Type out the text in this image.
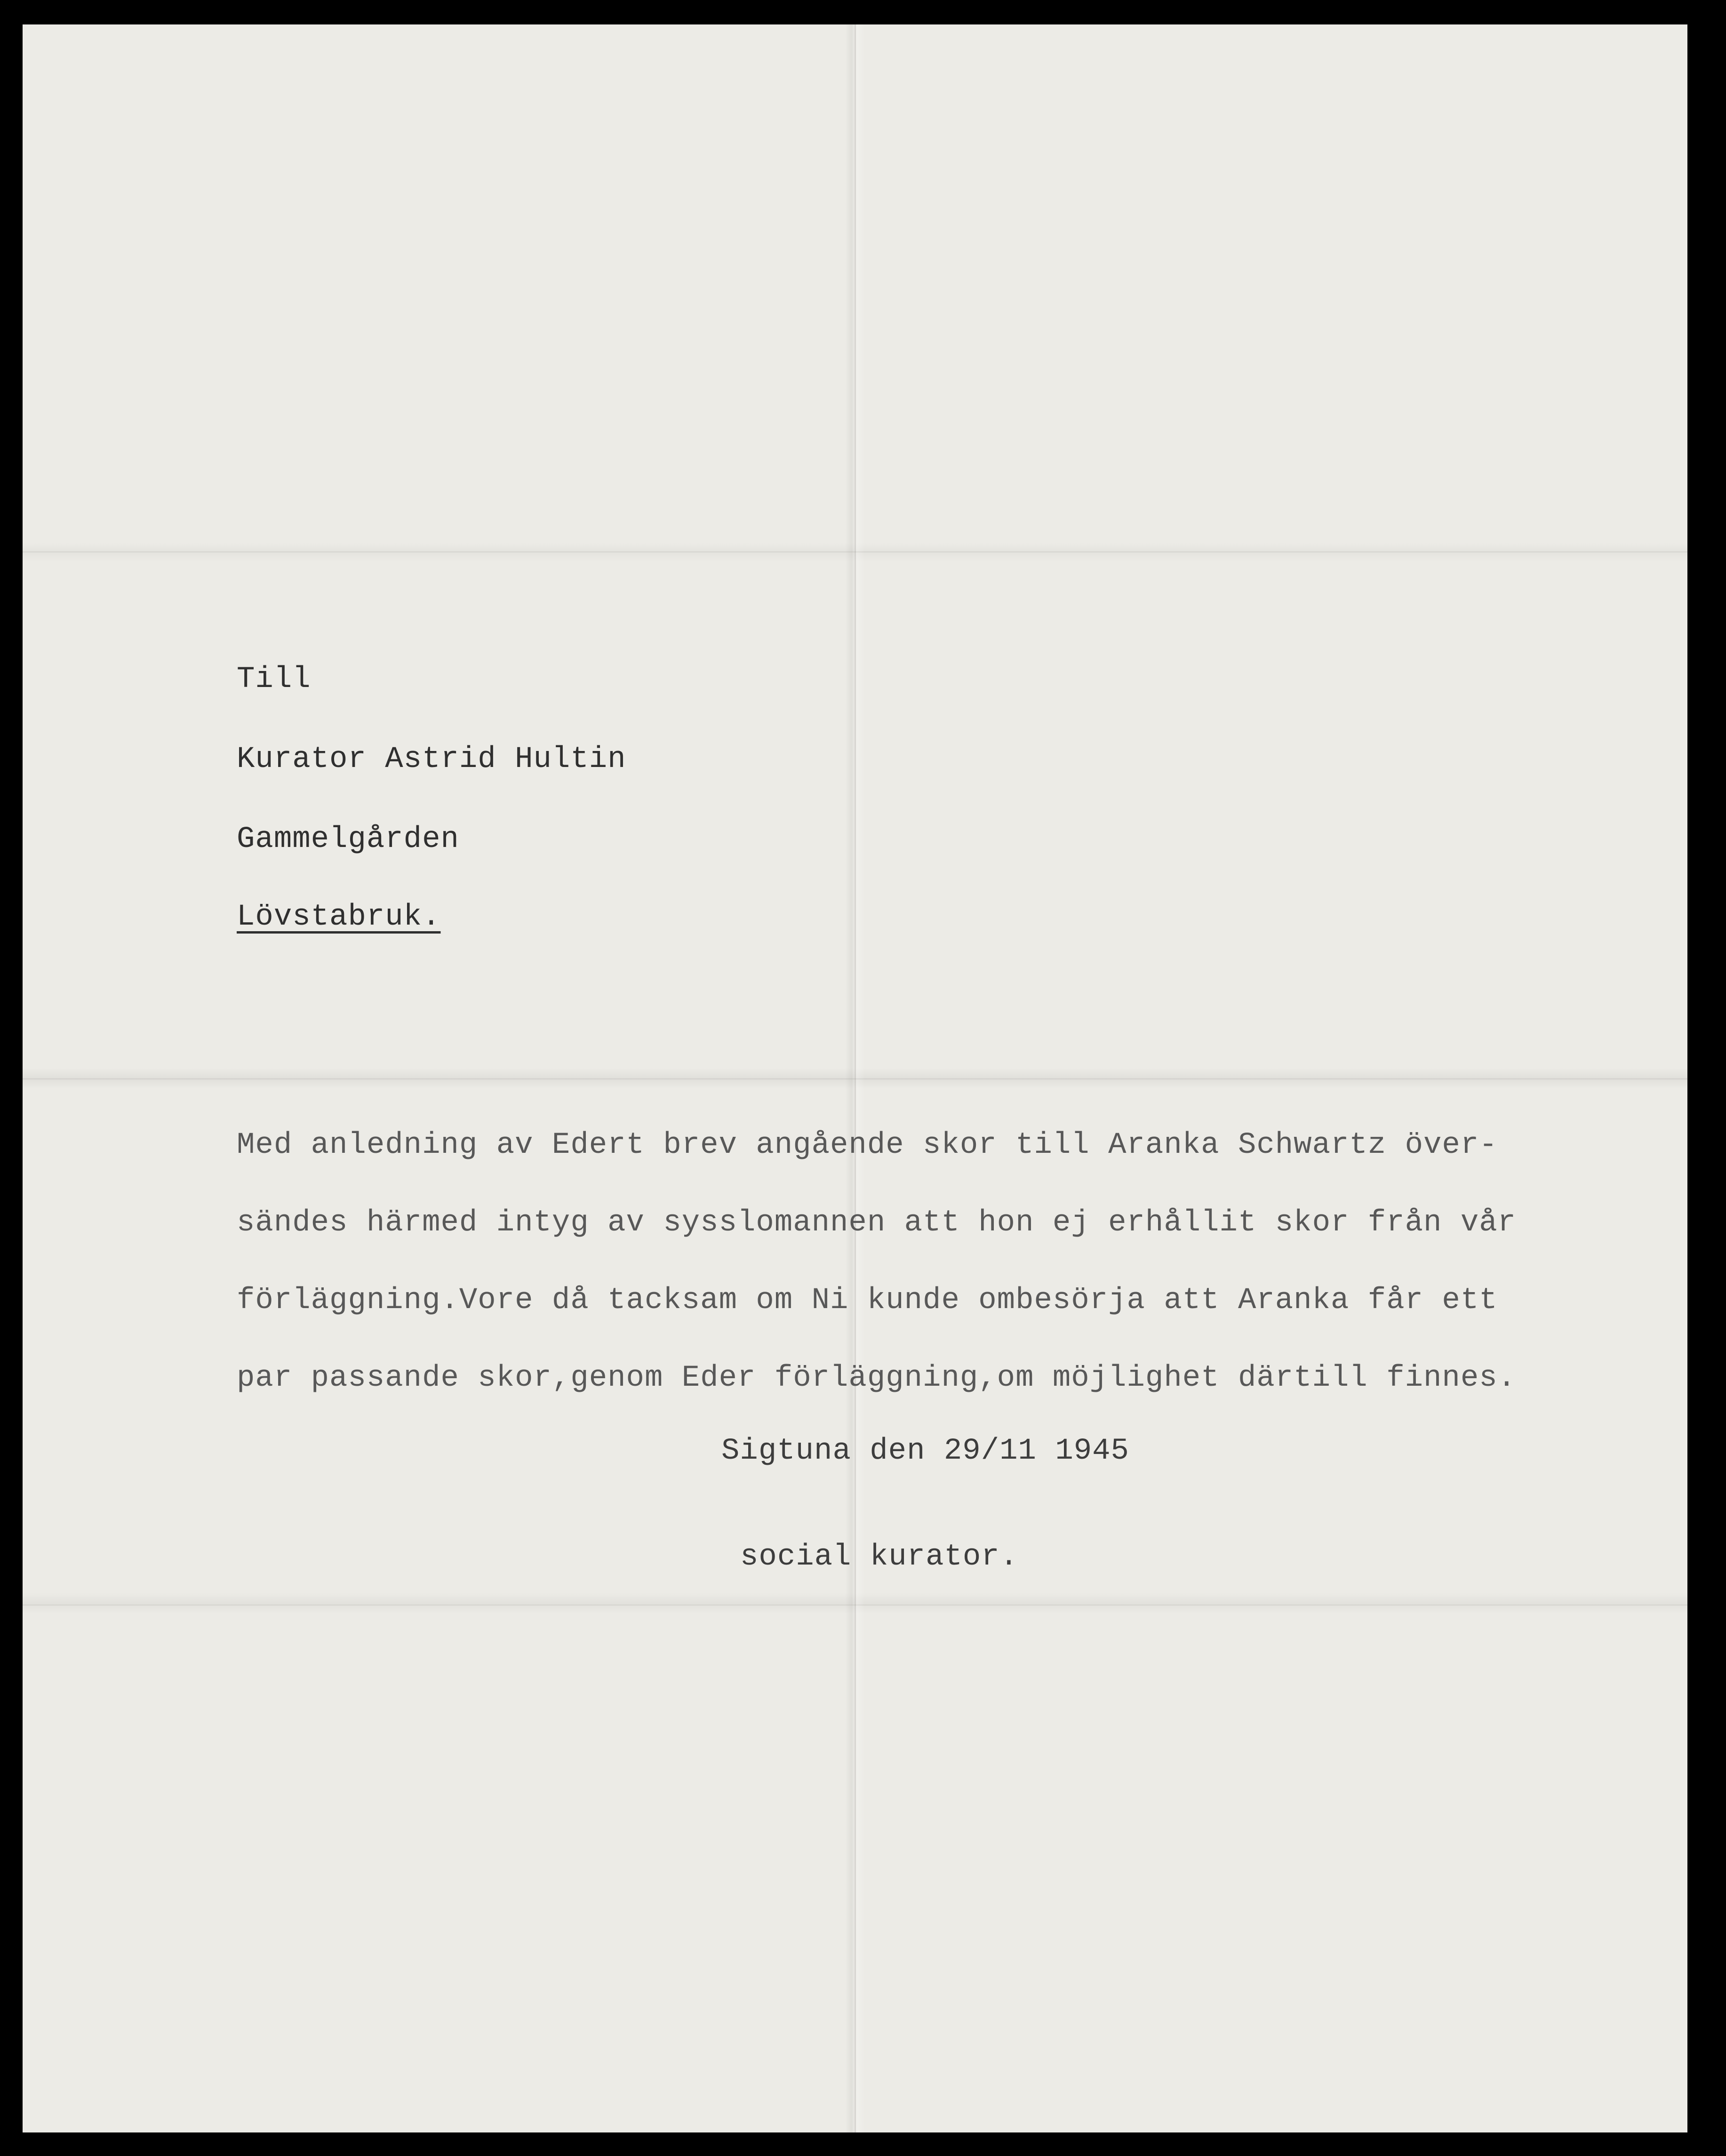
Till
Kurator Astrid Hultin
Gammelgården
Lövstabruk.
Med anledning av Edert brev angående skor till Aranka Schwartz över-
sändes härmed intyg av sysslomannen att hon ej erhållit skor från vår
förläggning.Vore då tacksam om Ni kunde ombesörja att Aranka får ett
par passande skor,genom Eder förläggning,om möjlighet därtill finnes.
Sigtuna den 29/11 1945
social kurator.
